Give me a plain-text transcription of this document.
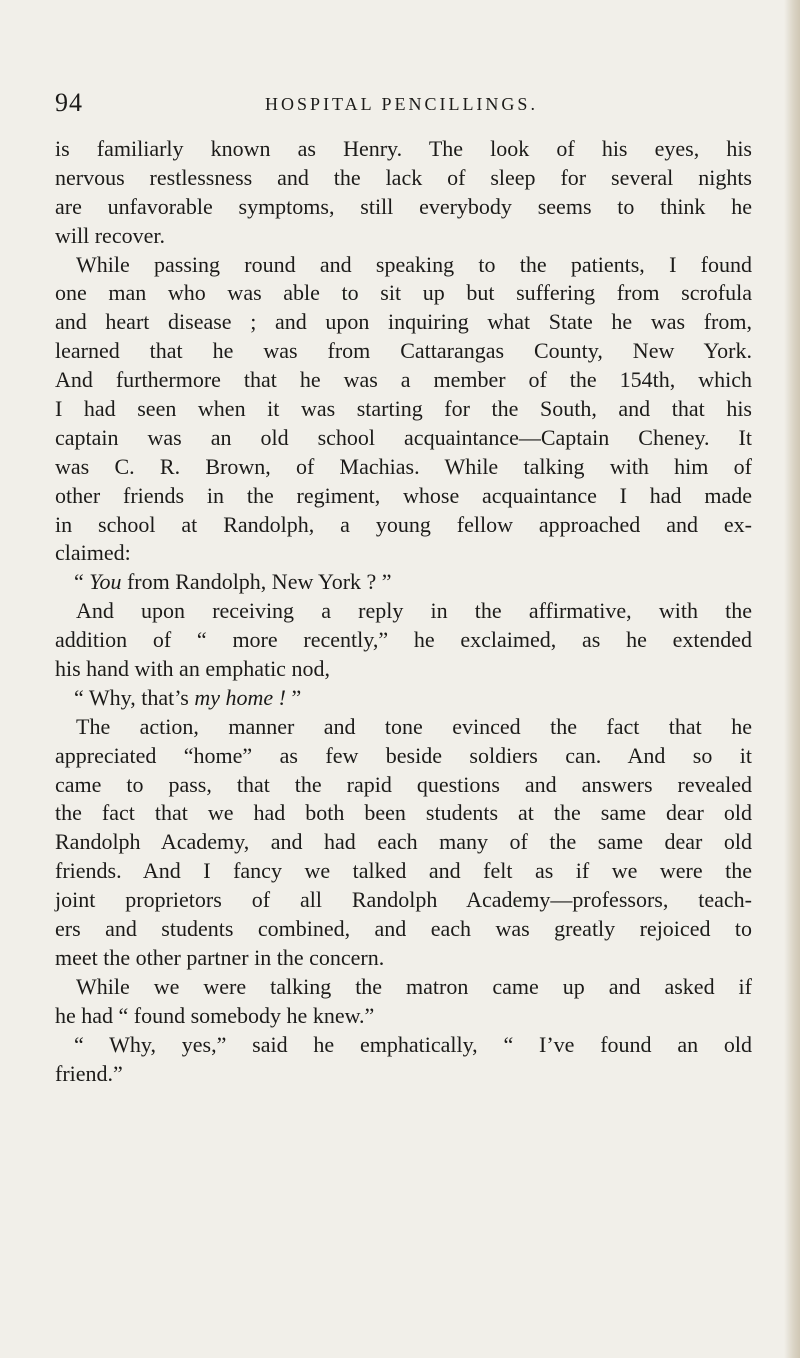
94	HOSPITAL PENCILLINGS.
is familiarly known as Henry. The look of his eyes, his
nervous restlessness and the lack of sleep for several nights
are unfavorable symptoms, still everybody seems to think he
will recover.
While passing round and speaking to the patients, I found
one man who was able to sit up but suffering from scrofula
and heart disease ; and upon inquiring what State he was from,
learned that he was from Cattarangas County, New York.
And furthermore that he was a member of the 154th, which
I had seen when it was starting for the South, and that his
captain was an old school acquaintance—Captain Cheney. It
was C. R. Brown, of Machias. While talking with him of
other friends in the regiment, whose acquaintance I had made
in school at Randolph, a young fellow approached and ex-
claimed:
“ You from Randolph, New York ? ”
And upon receiving a reply in the affirmative, with the
addition of “ more recently,” he exclaimed, as he extended
his hand with an emphatic nod,
“ Why, that’s my home ! ”
The action, manner and tone evinced the fact that he
appreciated “home” as few beside soldiers can. And so it
came to pass, that the rapid questions and answers revealed
the fact that we had both been students at the same dear old
Randolph Academy, and had each many of the same dear old
friends. And I fancy we talked and felt as if we were the
joint proprietors of all Randolph Academy—professors, teach-
ers and students combined, and each was greatly rejoiced to
meet the other partner in the concern.
While we were talking the matron came up and asked if
he had “ found somebody he knew.”
“ Why, yes,” said he emphatically, “ I’ve found an old
friend.”
